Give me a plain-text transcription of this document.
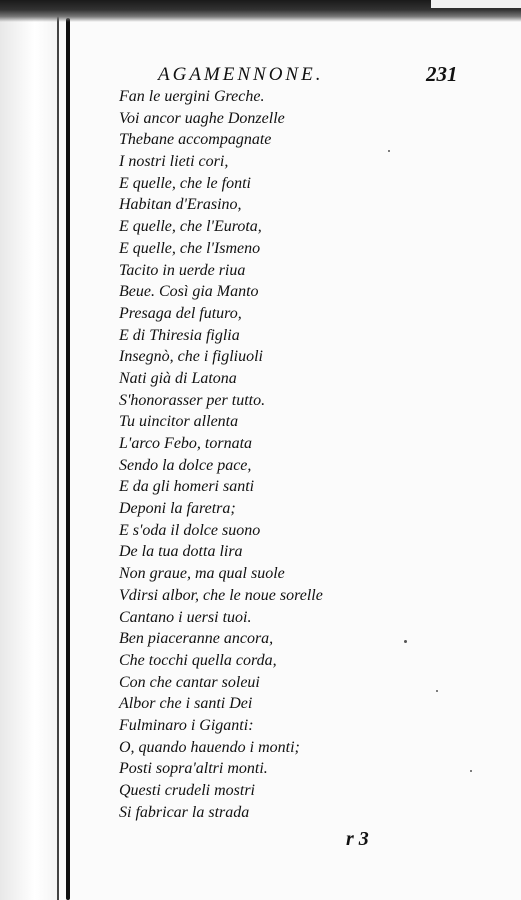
AGAMENNONE.	231
Fan le uergini Greche.
Voi ancor uaghe Donzelle
Thebane accompagnate
I nostri lieti cori,
E quelle, che le fonti
Habitan d'Erasino,
E quelle, che l'Eurota,
E quelle, che l'Ismeno
Tacito in uerde riua
Beue. Così gia Manto
Presaga del futuro,
E di Thiresia figlia
Insegnò, che i figliuoli
Nati già di Latona
S'honorasser per tutto.
Tu uincitor allenta
L'arco Febo, tornata
Sendo la dolce pace,
E da gli homeri santi
Deponi la faretra;
E s'oda il dolce suono
De la tua dotta lira
Non graue, ma qual suole
Vdirsi albor, che le noue sorelle
Cantano i uersi tuoi.
Ben piaceranne ancora,
Che tocchi quella corda,
Con che cantar soleui
Albor che i santi Dei
Fulminaro i Giganti:
O, quando hauendo i monti;
Posti sopra'altri monti.
Questi crudeli mostri
Si fabricar la strada
r 3
